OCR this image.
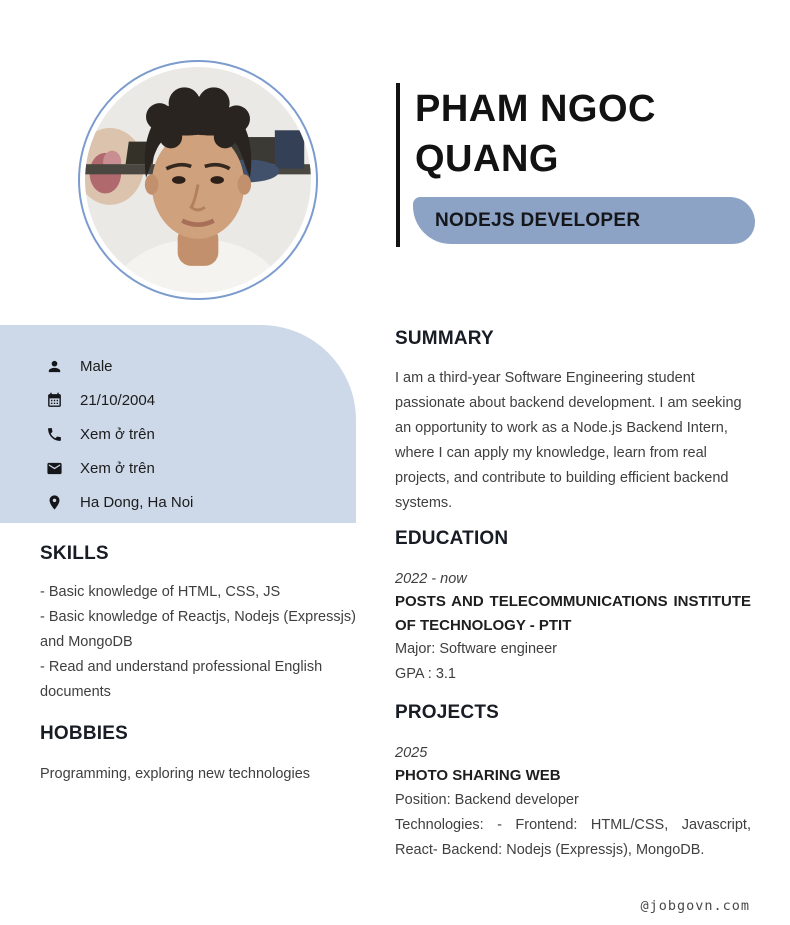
PHAM NGOC QUANG
NODEJS DEVELOPER
Male
21/10/2004
Xem ở trên
Xem ở trên
Ha Dong, Ha Noi
SKILLS
- Basic knowledge of HTML, CSS, JS
- Basic knowledge of Reactjs, Nodejs (Expressjs) and MongoDB
- Read and understand professional English documents
HOBBIES
Programming, exploring new technologies
SUMMARY
I am a third-year Software Engineering student passionate about backend development. I am seeking an opportunity to work as a Node.js Backend Intern, where I can apply my knowledge, learn from real projects, and contribute to building efficient backend systems.
EDUCATION
2022 - now
POSTS AND TELECOMMUNICATIONS INSTITUTE OF TECHNOLOGY - PTIT
Major: Software engineer
GPA : 3.1
PROJECTS
2025
PHOTO SHARING WEB
Position: Backend developer
Technologies: - Frontend: HTML/CSS, Javascript, React- Backend: Nodejs (Expressjs), MongoDB.
@jobgovn.com
